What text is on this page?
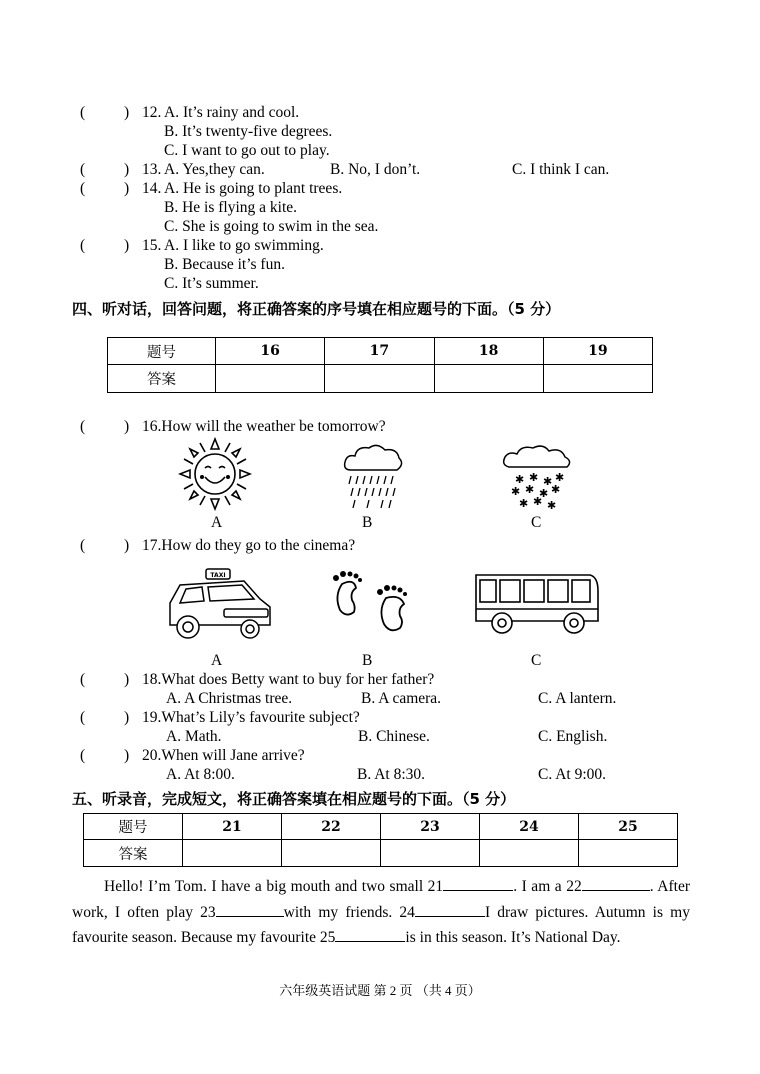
(	) 12. A. It’s rainy and cool.
B. It’s twenty-five degrees.
C. I want to go out to play.
(	) 13. A. Yes,they can.	B. No, I don’t.	C. I think I can.
(	) 14. A. He is going to plant trees.
B. He is flying a kite.
C. She is going to swim in the sea.
(	) 15. A. I like to go swimming.
B. Because it’s fun.
C. It’s summer.
四、听对话，回答问题，将正确答案的序号填在相应题号的下面。（5 分）
题号	16	17	18	19
答案				
(	) 16.How will the weather be tomorrow?
A	B
✱ ✱ ✱ ✱
✱ ✱ ✱ ✱
✱ ✱ ✱
C
(	) 17.How do they go to the cinema?
TAXI
A	B	C
(	) 18.What does Betty want to buy for her father?
A. A Christmas tree.	B. A camera.	C. A lantern.
(	) 19.What’s Lily’s favourite subject?
A. Math.	B. Chinese.	C. English.
(	) 20.When will Jane arrive?
A. At 8:00.	B. At 8:30.	C. At 9:00.
五、听录音，完成短文，将正确答案填在相应题号的下面。（5 分）
题号	21	22	23	24	25
答案					
Hello! I’m Tom. I have a big mouth and two small 21	. I am a 22	. After work, I often play 23	with my friends. 24	I draw pictures. Autumn is my favourite season. Because my favourite 25	is in this season. It’s National Day.
六年级英语试题 第 2 页 （共 4 页）
